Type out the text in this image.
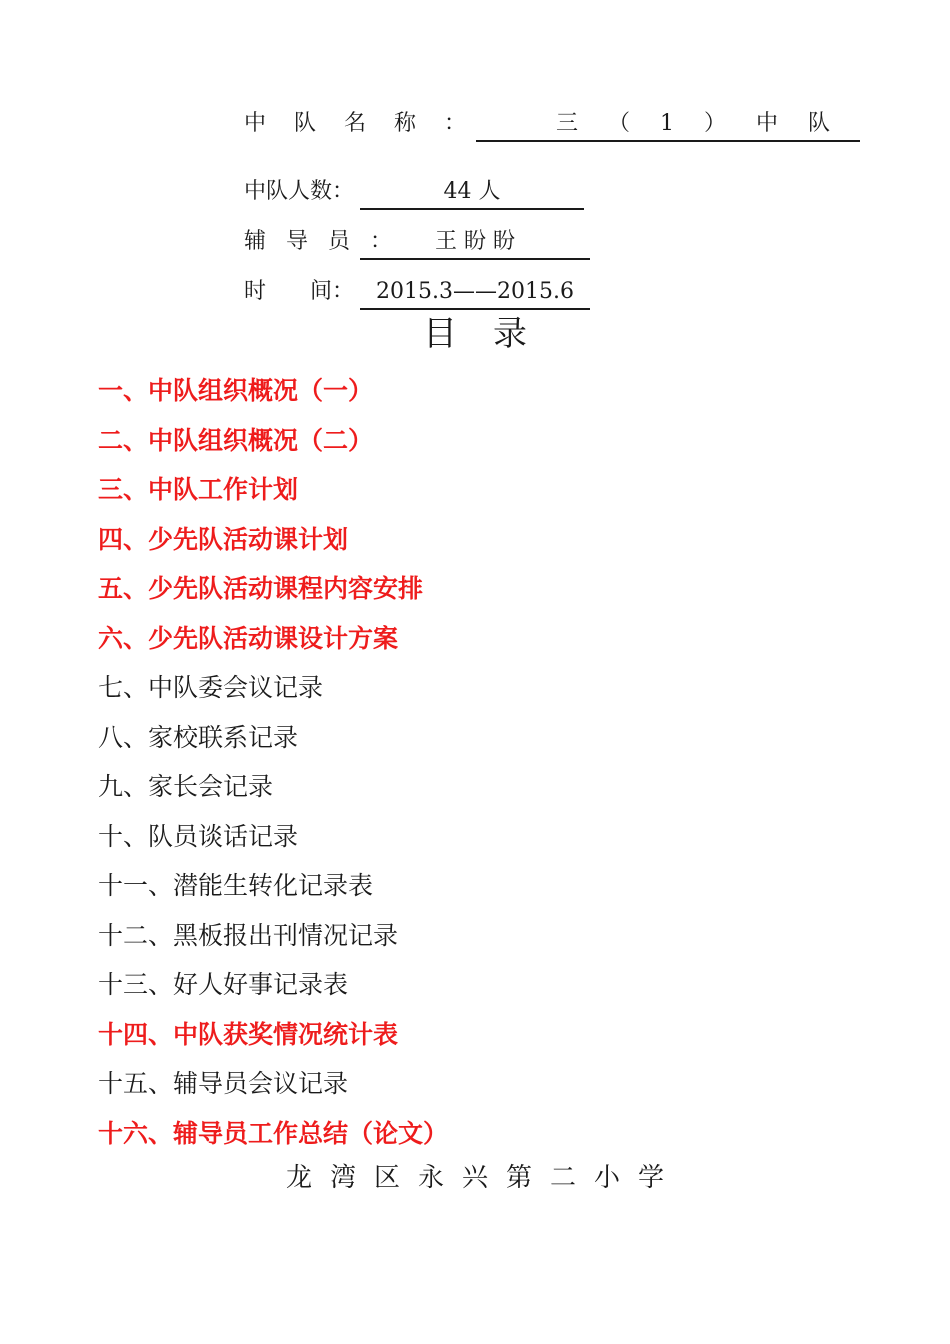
中队名称：	三（1）中队
中队人数：	44 人
辅导员：	王 盼 盼
时　　间：	2015.3——2015.6
目录
一、中队组织概况（一）
二、中队组织概况（二）
三、中队工作计划
四、少先队活动课计划
五、少先队活动课程内容安排
六、少先队活动课设计方案
七、中队委会议记录
八、家校联系记录
九、家长会记录
十、队员谈话记录
十一、潜能生转化记录表
十二、黑板报出刊情况记录
十三、好人好事记录表
十四、中队获奖情况统计表
十五、辅导员会议记录
十六、辅导员工作总结（论文）
龙湾区永兴第二小学
